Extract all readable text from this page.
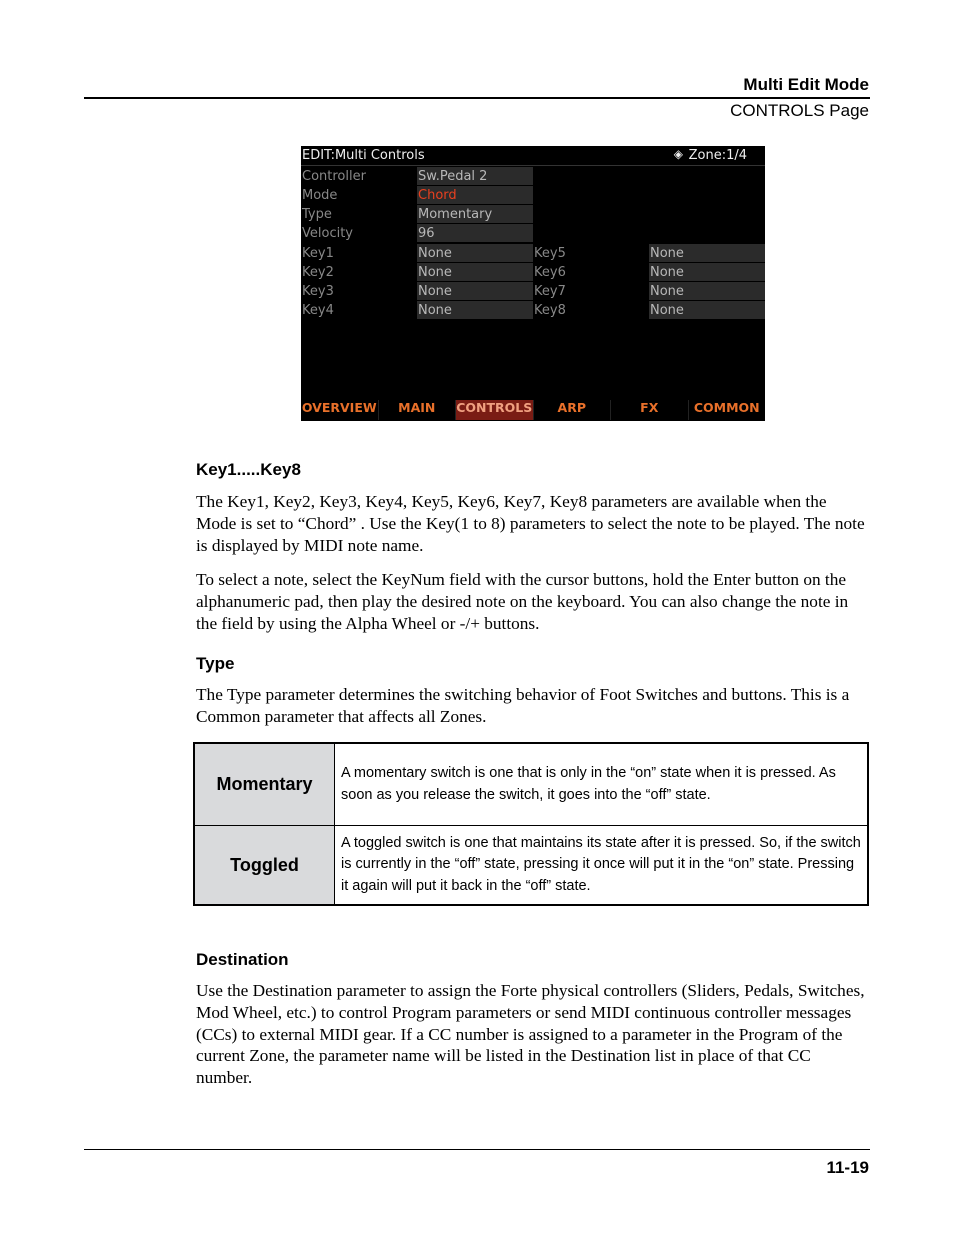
Multi Edit Mode
CONTROLS Page
EDIT:Multi Controls	◈ Zone:1/4
Controller	Sw.Pedal 2
Mode	Chord
Type	Momentary
Velocity	96
Key1	None	Key5	None
Key2	None	Key6	None
Key3	None	Key7	None
Key4	None	Key8	None
OVERVIEW	MAIN	CONTROLS	ARP	FX	COMMON
Key1.....Key8

The Key1, Key2, Key3, Key4, Key5, Key6, Key7, Key8 parameters are available when the Mode is set to “Chord” . Use the Key(1 to 8) parameters to select the note to be played. The note is displayed by MIDI note name.

To select a note, select the KeyNum field with the cursor buttons, hold the Enter button on the alphanumeric pad, then play the desired note on the keyboard. You can also change the note in the field by using the Alpha Wheel or -/+ buttons.

Type

The Type parameter determines the switching behavior of Foot Switches and buttons. This is a Common parameter that affects all Zones.

Momentary
A momentary switch is one that is only in the “on” state when it is pressed. As soon as you release the switch, it goes into the “off” state.
Toggled
A toggled switch is one that maintains its state after it is pressed. So, if the switch is currently in the “off” state, pressing it once will put it in the “on” state. Pressing it again will put it back in the “off” state.
Destination

Use the Destination parameter to assign the Forte physical controllers (Sliders, Pedals, Switches, Mod Wheel, etc.) to control Program parameters or send MIDI continuous controller messages (CCs) to external MIDI gear. If a CC number is assigned to a parameter in the Program of the current Zone, the parameter name will be listed in the Destination list in place of that CC number.

11-19
